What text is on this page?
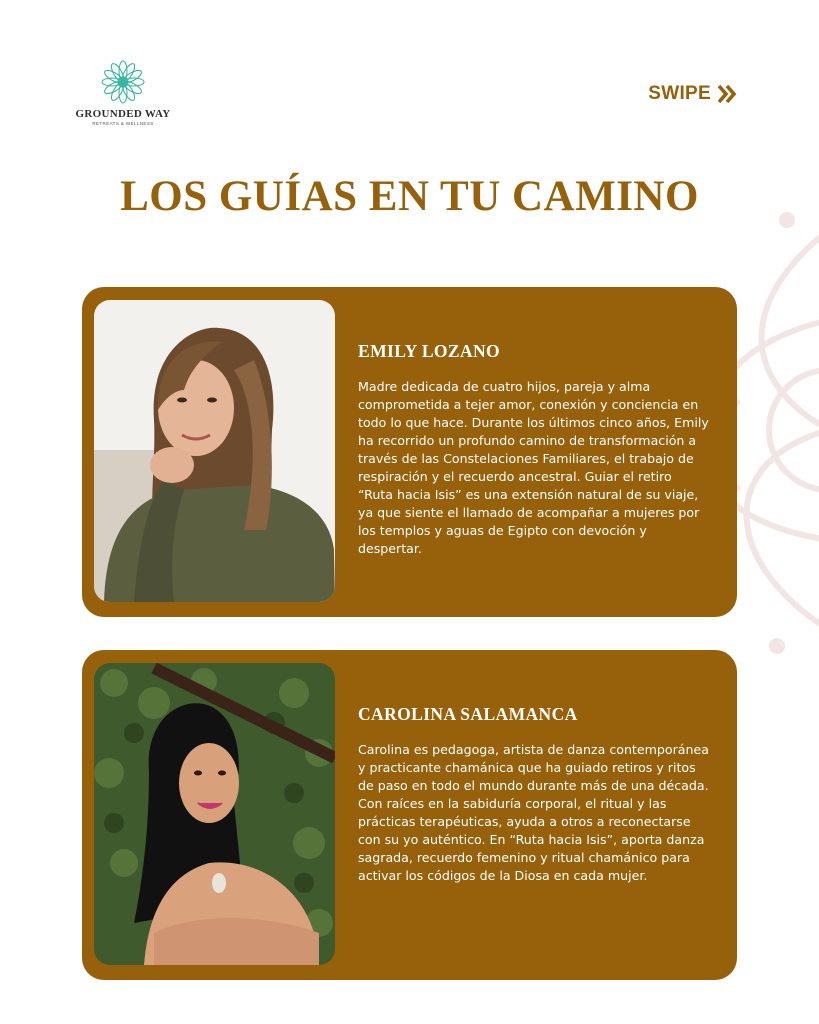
GROUNDED WAY
RETREATS & WELLNESS
SWIPE
LOS GUÍAS EN TU CAMINO
EMILY LOZANO

Madre dedicada de cuatro hijos, pareja y alma comprometida a tejer amor, conexión y conciencia en todo lo que hace. Durante los últimos cinco años, Emily ha recorrido un profundo camino de transformación a través de las Constelaciones Familiares, el trabajo de respiración y el recuerdo ancestral. Guiar el retiro “Ruta hacia Isis” es una extensión natural de su viaje, ya que siente el llamado de acompañar a mujeres por los templos y aguas de Egipto con devoción y despertar.

CAROLINA SALAMANCA

Carolina es pedagoga, artista de danza contemporánea y practicante chamánica que ha guiado retiros y ritos de paso en todo el mundo durante más de una década. Con raíces en la sabiduría corporal, el ritual y las prácticas terapéuticas, ayuda a otros a reconectarse con su yo auténtico. En “Ruta hacia Isis”, aporta danza sagrada, recuerdo femenino y ritual chamánico para activar los códigos de la Diosa en cada mujer.
